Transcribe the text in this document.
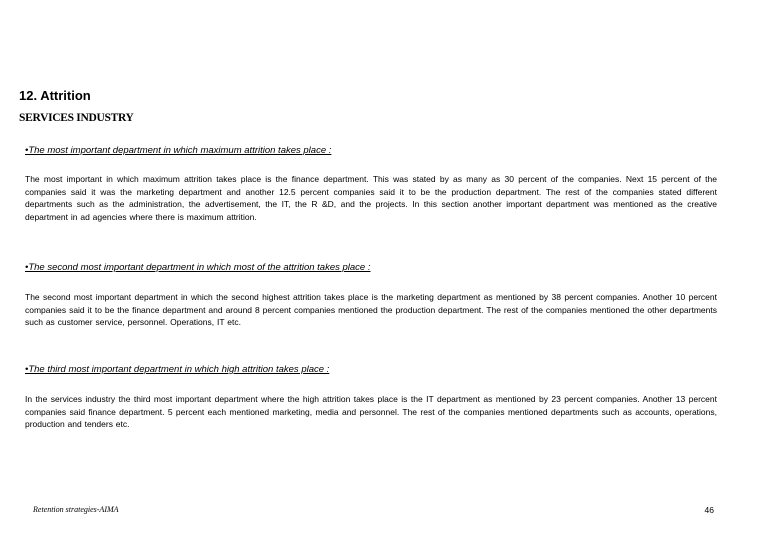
12. Attrition
SERVICES INDUSTRY
•The most important department in which maximum attrition takes place :
The most important in which maximum attrition takes place is the finance department. This was stated by as many as 30 percent of the companies. Next 15 percent of the companies said it was the marketing department and another 12.5 percent companies said it to be the production department. The rest of the companies stated different departments such as the administration, the advertisement, the IT, the R &D, and the projects. In this section another important department was mentioned as the creative department in ad agencies where there is maximum attrition.
•The second most important department in which most of the attrition takes place :
The second most important department in which the second highest attrition takes place is the marketing department as mentioned by 38 percent companies. Another 10 percent companies said it to be the finance department and around 8 percent companies mentioned the production department. The rest of the companies mentioned the other departments such as customer service, personnel. Operations, IT etc.
•The third most important department in which high attrition takes place :
In the services industry the third most important department where the high attrition takes place is the IT department as mentioned by 23 percent companies. Another 13 percent companies said finance department. 5 percent each mentioned marketing, media and personnel. The rest of the companies mentioned departments such as accounts, operations, production and tenders etc.
Retention strategies-AIMA	46
